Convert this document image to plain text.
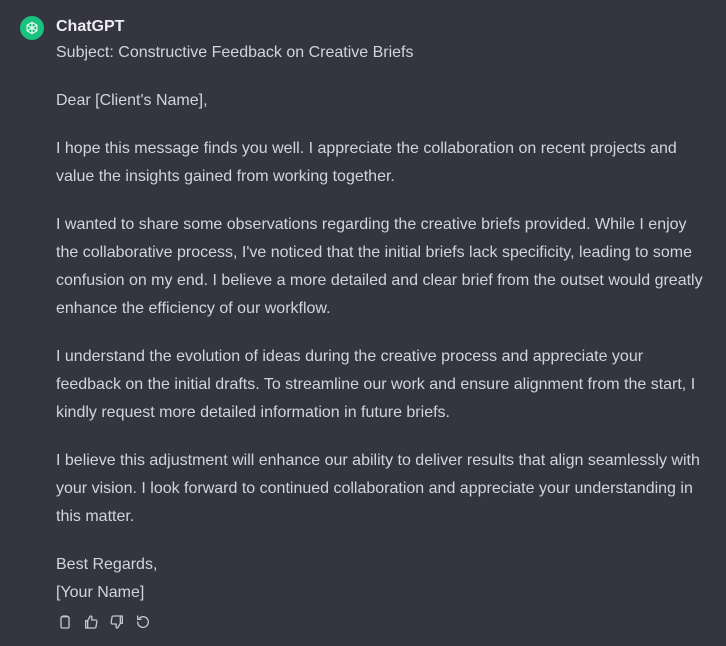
ChatGPT

Subject: Constructive Feedback on Creative Briefs

Dear [Client's Name],

I hope this message finds you well. I appreciate the collaboration on recent projects and value the insights gained from working together.

I wanted to share some observations regarding the creative briefs provided. While I enjoy the collaborative process, I've noticed that the initial briefs lack specificity, leading to some confusion on my end. I believe a more detailed and clear brief from the outset would greatly enhance the efficiency of our workflow.

I understand the evolution of ideas during the creative process and appreciate your feedback on the initial drafts. To streamline our work and ensure alignment from the start, I kindly request more detailed information in future briefs.

I believe this adjustment will enhance our ability to deliver results that align seamlessly with your vision. I look forward to continued collaboration and appreciate your understanding in this matter.

Best Regards,

[Your Name]
